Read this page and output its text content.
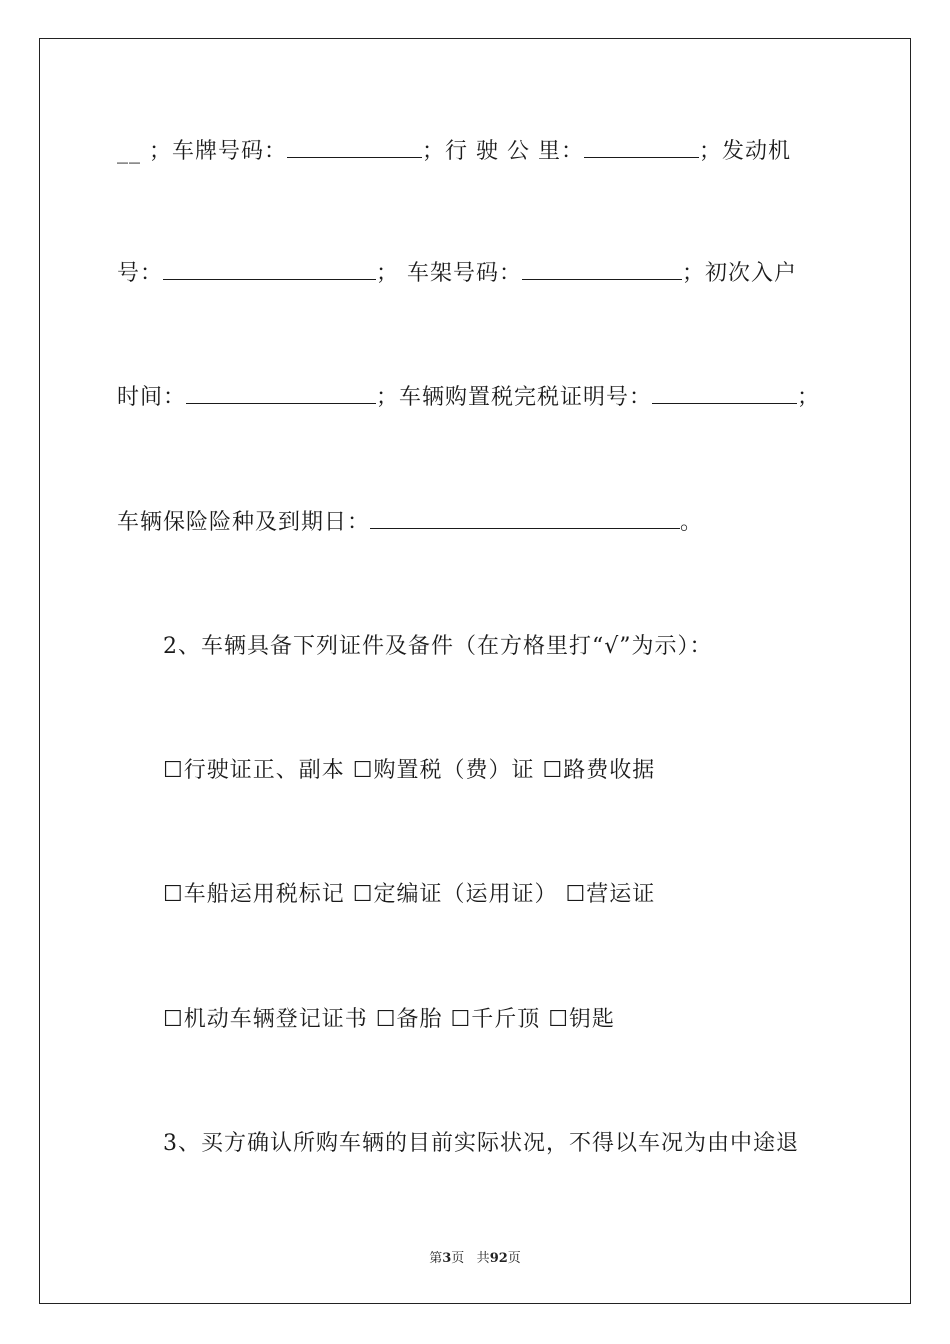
__ ；车牌号码：	；行 驶 公 里：	；发动机
号：	； 车架号码：	；初次入户
时间：	；车辆购置税完税证明号：	；
车辆保险险种及到期日：	。
2、车辆具备下列证件及备件（在方格里打“√”为示）：
☐行驶证正、副本 ☐购置税（费）证 ☐路费收据
☐车船运用税标记 ☐定编证（运用证） ☐营运证
☐机动车辆登记证书 ☐备胎 ☐千斤顶 ☐钥匙
3、买方确认所购车辆的目前实际状况，不得以车况为由中途退
第3页 共92页
